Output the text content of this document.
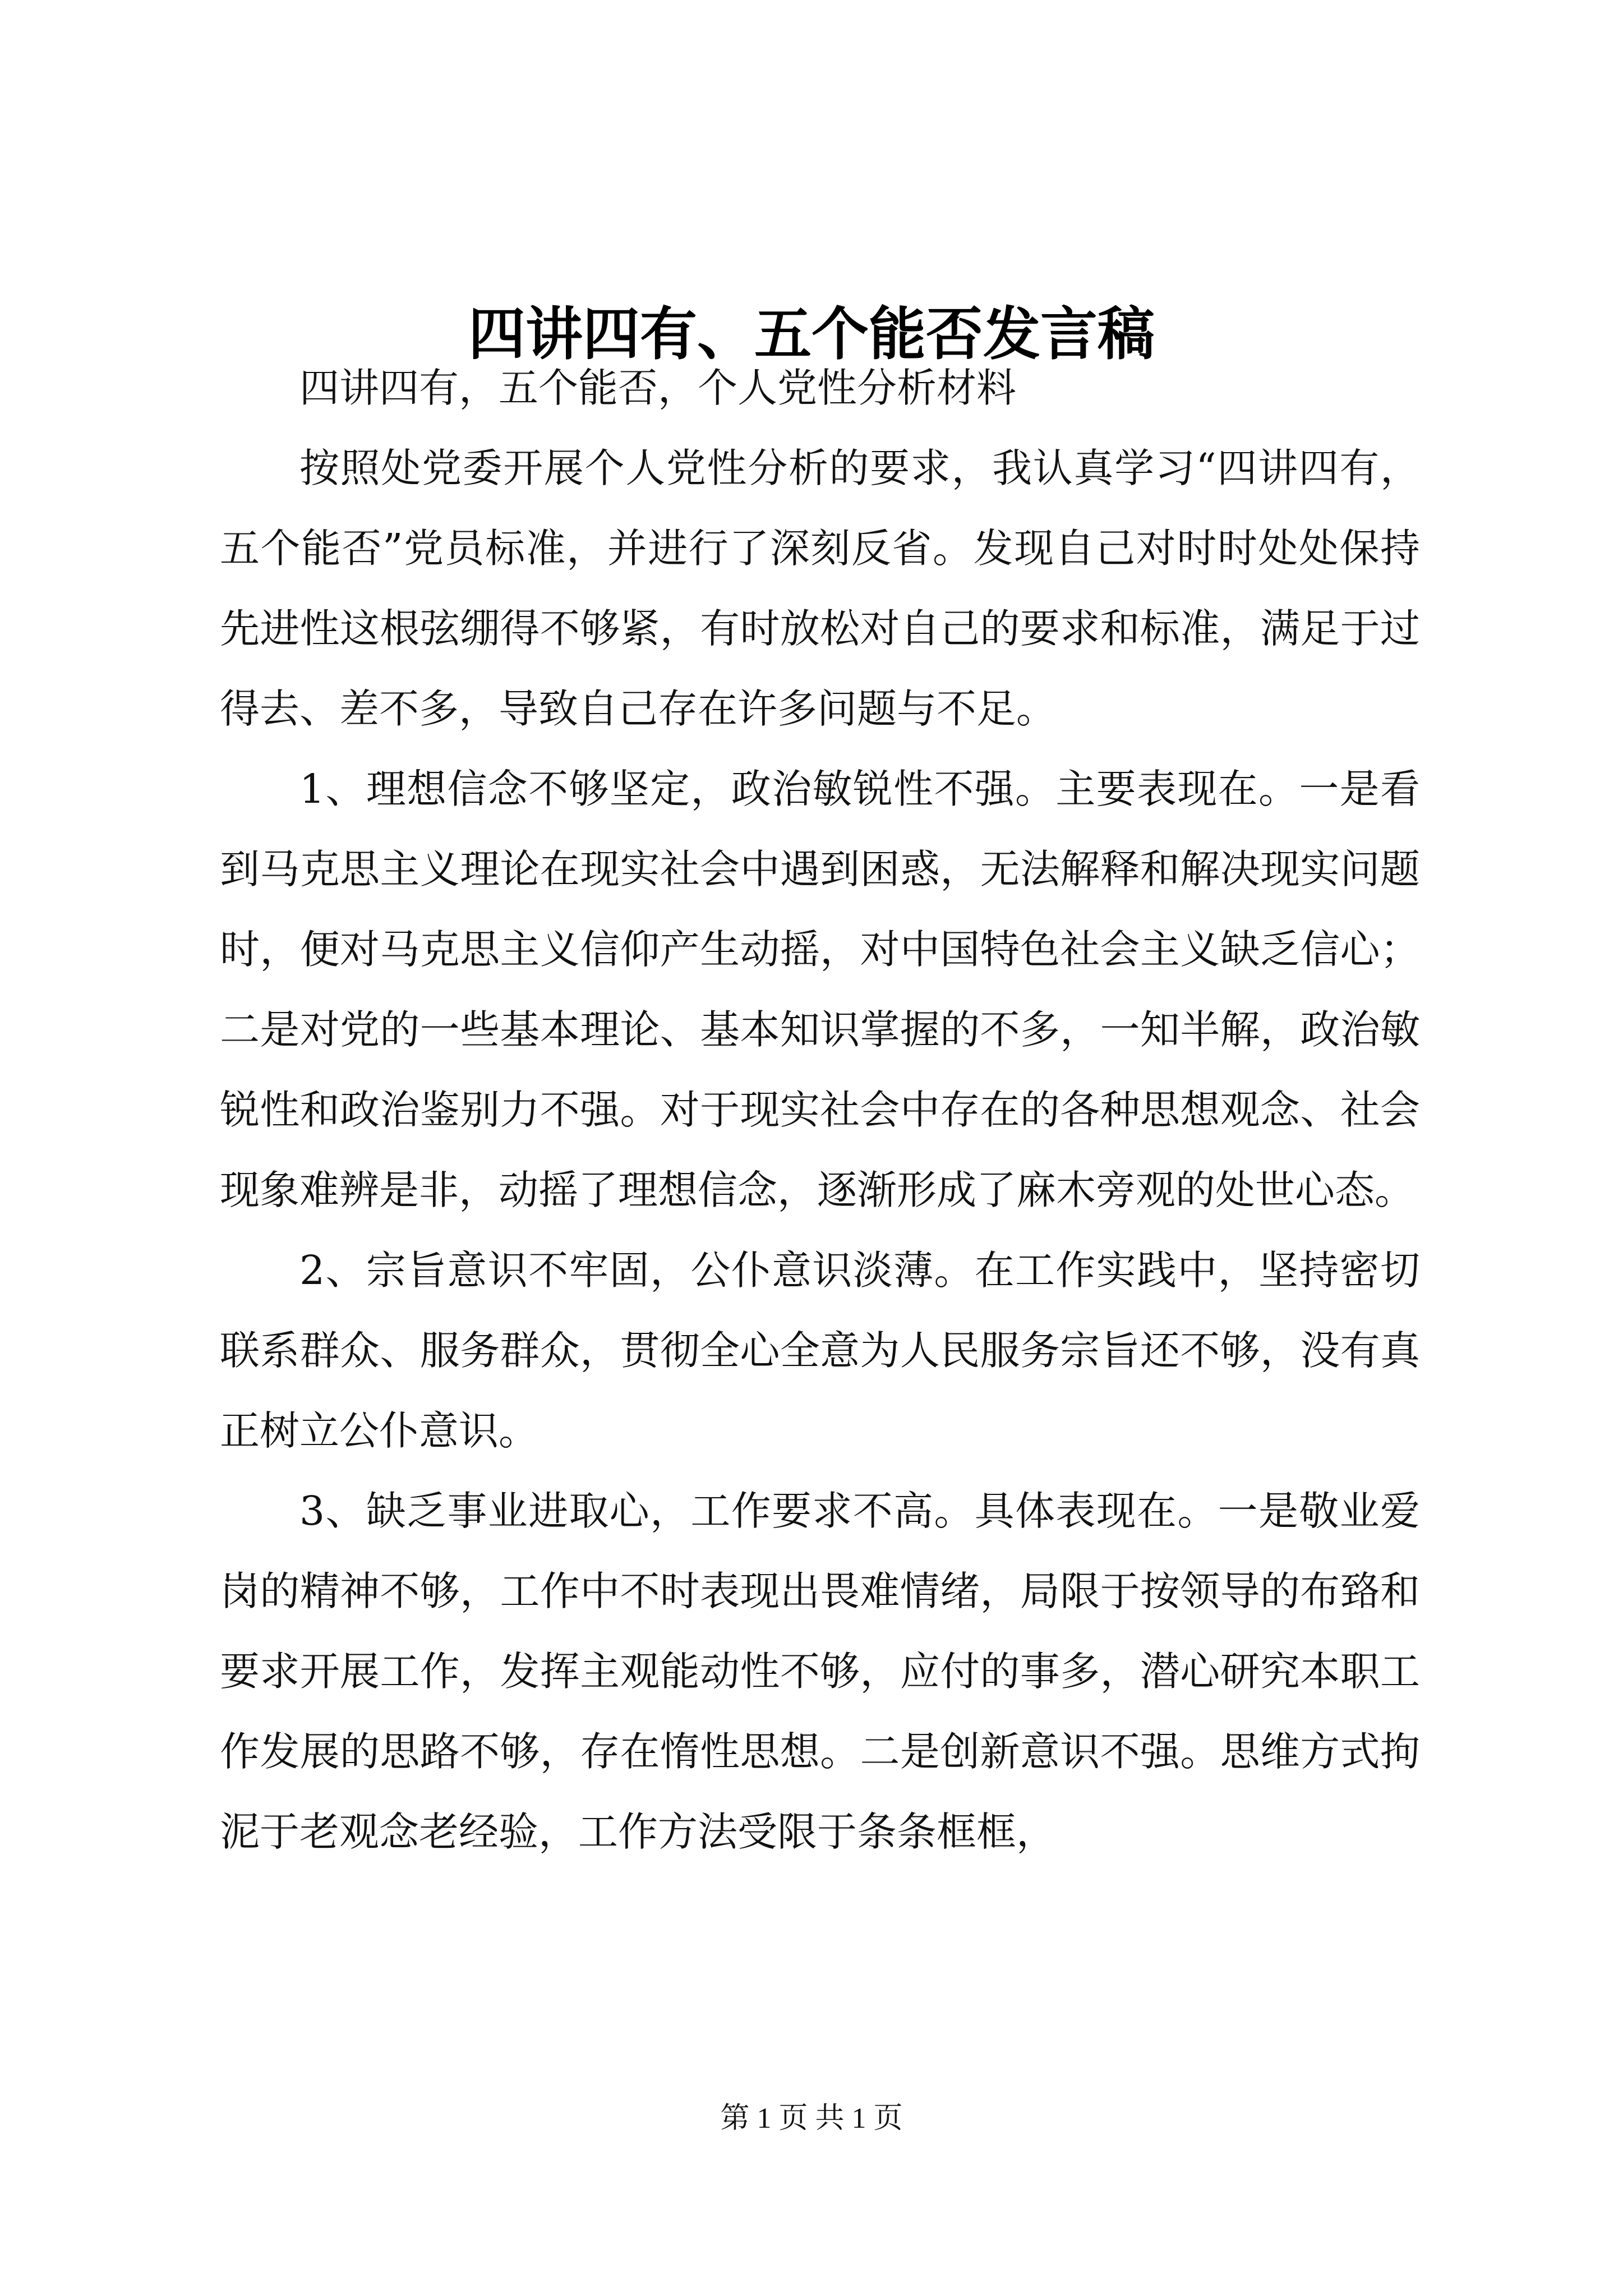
四讲四有、五个能否发言稿

四讲四有，五个能否，个人党性分析材料

按照处党委开展个人党性分析的要求，我认真学习“四讲四有，五个能否”党员标准，并进行了深刻反省。发现自己对时时处处保持先进性这根弦绷得不够紧，有时放松对自己的要求和标准，满足于过得去、差不多，导致自己存在许多问题与不足。

1、理想信念不够坚定，政治敏锐性不强。主要表现在。一是看到马克思主义理论在现实社会中遇到困惑，无法解释和解决现实问题时，便对马克思主义信仰产生动摇，对中国特色社会主义缺乏信心；二是对党的一些基本理论、基本知识掌握的不多，一知半解，政治敏锐性和政治鉴别力不强。对于现实社会中存在的各种思想观念、社会现象难辨是非，动摇了理想信念，逐渐形成了麻木旁观的处世心态。

2、宗旨意识不牢固，公仆意识淡薄。在工作实践中，坚持密切联系群众、服务群众，贯彻全心全意为人民服务宗旨还不够，没有真正树立公仆意识。

3、缺乏事业进取心，工作要求不高。具体表现在。一是敬业爱岗的精神不够，工作中不时表现出畏难情绪，局限于按领导的布臵和要求开展工作，发挥主观能动性不够，应付的事多，潜心研究本职工作发展的思路不够，存在惰性思想。二是创新意识不强。思维方式拘泥于老观念老经验，工作方法受限于条条框框，

第 1 页 共 1 页
